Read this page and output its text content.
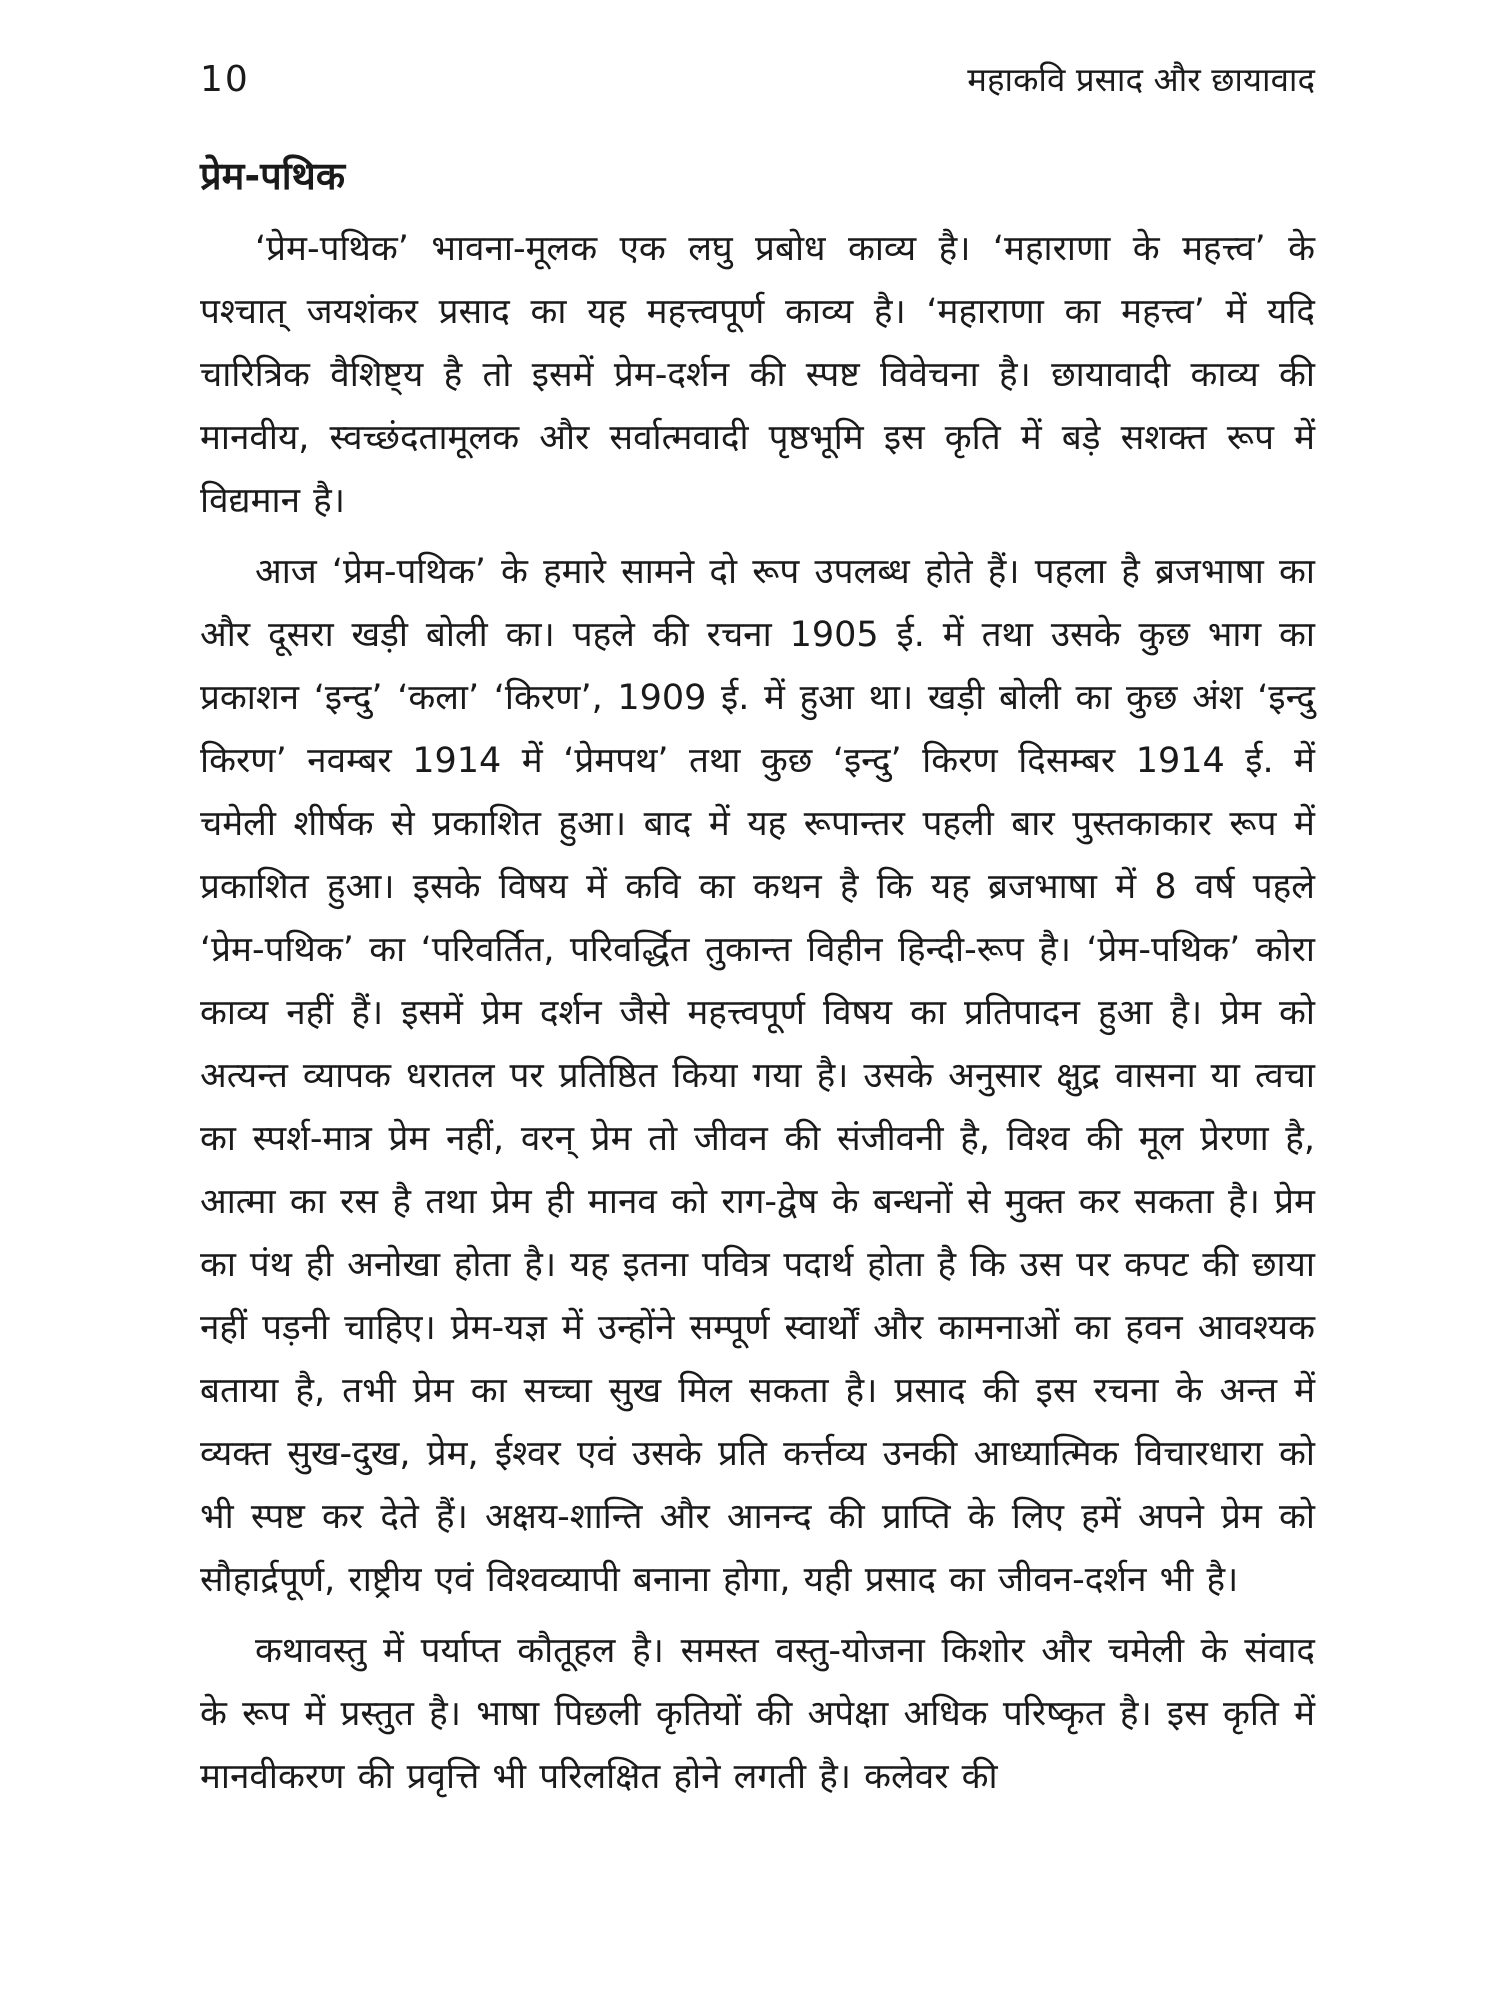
10	महाकवि प्रसाद और छायावाद
प्रेम-पथिक

‘प्रेम-पथिक’ भावना-मूलक एक लघु प्रबोध काव्य है। ‘महाराणा के महत्त्व’ के पश्चात् जयशंकर प्रसाद का यह महत्त्वपूर्ण काव्य है। ‘महाराणा का महत्त्व’ में यदि चारित्रिक वैशिष्ट्य है तो इसमें प्रेम-दर्शन की स्पष्ट विवेचना है। छायावादी काव्य की मानवीय, स्वच्छंदतामूलक और सर्वात्मवादी पृष्ठभूमि इस कृति में बड़े सशक्त रूप में विद्यमान है।

आज ‘प्रेम-पथिक’ के हमारे सामने दो रूप उपलब्ध होते हैं। पहला है ब्रजभाषा का और दूसरा खड़ी बोली का। पहले की रचना 1905 ई. में तथा उसके कुछ भाग का प्रकाशन ‘इन्दु’ ‘कला’ ‘किरण’, 1909 ई. में हुआ था। खड़ी बोली का कुछ अंश ‘इन्दु किरण’ नवम्बर 1914 में ‘प्रेमपथ’ तथा कुछ ‘इन्दु’ किरण दिसम्बर 1914 ई. में चमेली शीर्षक से प्रकाशित हुआ। बाद में यह रूपान्तर पहली बार पुस्तकाकार रूप में प्रकाशित हुआ। इसके विषय में कवि का कथन है कि यह ब्रजभाषा में 8 वर्ष पहले ‘प्रेम-पथिक’ का ‘परिवर्तित, परिवर्द्धित तुकान्त विहीन हिन्दी-रूप है। ‘प्रेम-पथिक’ कोरा काव्य नहीं हैं। इसमें प्रेम दर्शन जैसे महत्त्वपूर्ण विषय का प्रतिपादन हुआ है। प्रेम को अत्यन्त व्यापक धरातल पर प्रतिष्ठित किया गया है। उसके अनुसार क्षुद्र वासना या त्वचा का स्पर्श-मात्र प्रेम नहीं, वरन् प्रेम तो जीवन की संजीवनी है, विश्व की मूल प्रेरणा है, आत्मा का रस है तथा प्रेम ही मानव को राग-द्वेष के बन्धनों से मुक्त कर सकता है। प्रेम का पंथ ही अनोखा होता है। यह इतना पवित्र पदार्थ होता है कि उस पर कपट की छाया नहीं पड़नी चाहिए। प्रेम-यज्ञ में उन्होंने सम्पूर्ण स्वार्थों और कामनाओं का हवन आवश्यक बताया है, तभी प्रेम का सच्चा सुख मिल सकता है। प्रसाद की इस रचना के अन्त में व्यक्त सुख-दुख, प्रेम, ईश्वर एवं उसके प्रति कर्त्तव्य उनकी आध्यात्मिक विचारधारा को भी स्पष्ट कर देते हैं। अक्षय-शान्ति और आनन्द की प्राप्ति के लिए हमें अपने प्रेम को सौहार्द्रपूर्ण, राष्ट्रीय एवं विश्वव्यापी बनाना होगा, यही प्रसाद का जीवन-दर्शन भी है।

कथावस्तु में पर्याप्त कौतूहल है। समस्त वस्तु-योजना किशोर और चमेली के संवाद के रूप में प्रस्तुत है। भाषा पिछली कृतियों की अपेक्षा अधिक परिष्कृत है। इस कृति में मानवीकरण की प्रवृत्ति भी परिलक्षित होने लगती है। कलेवर की
